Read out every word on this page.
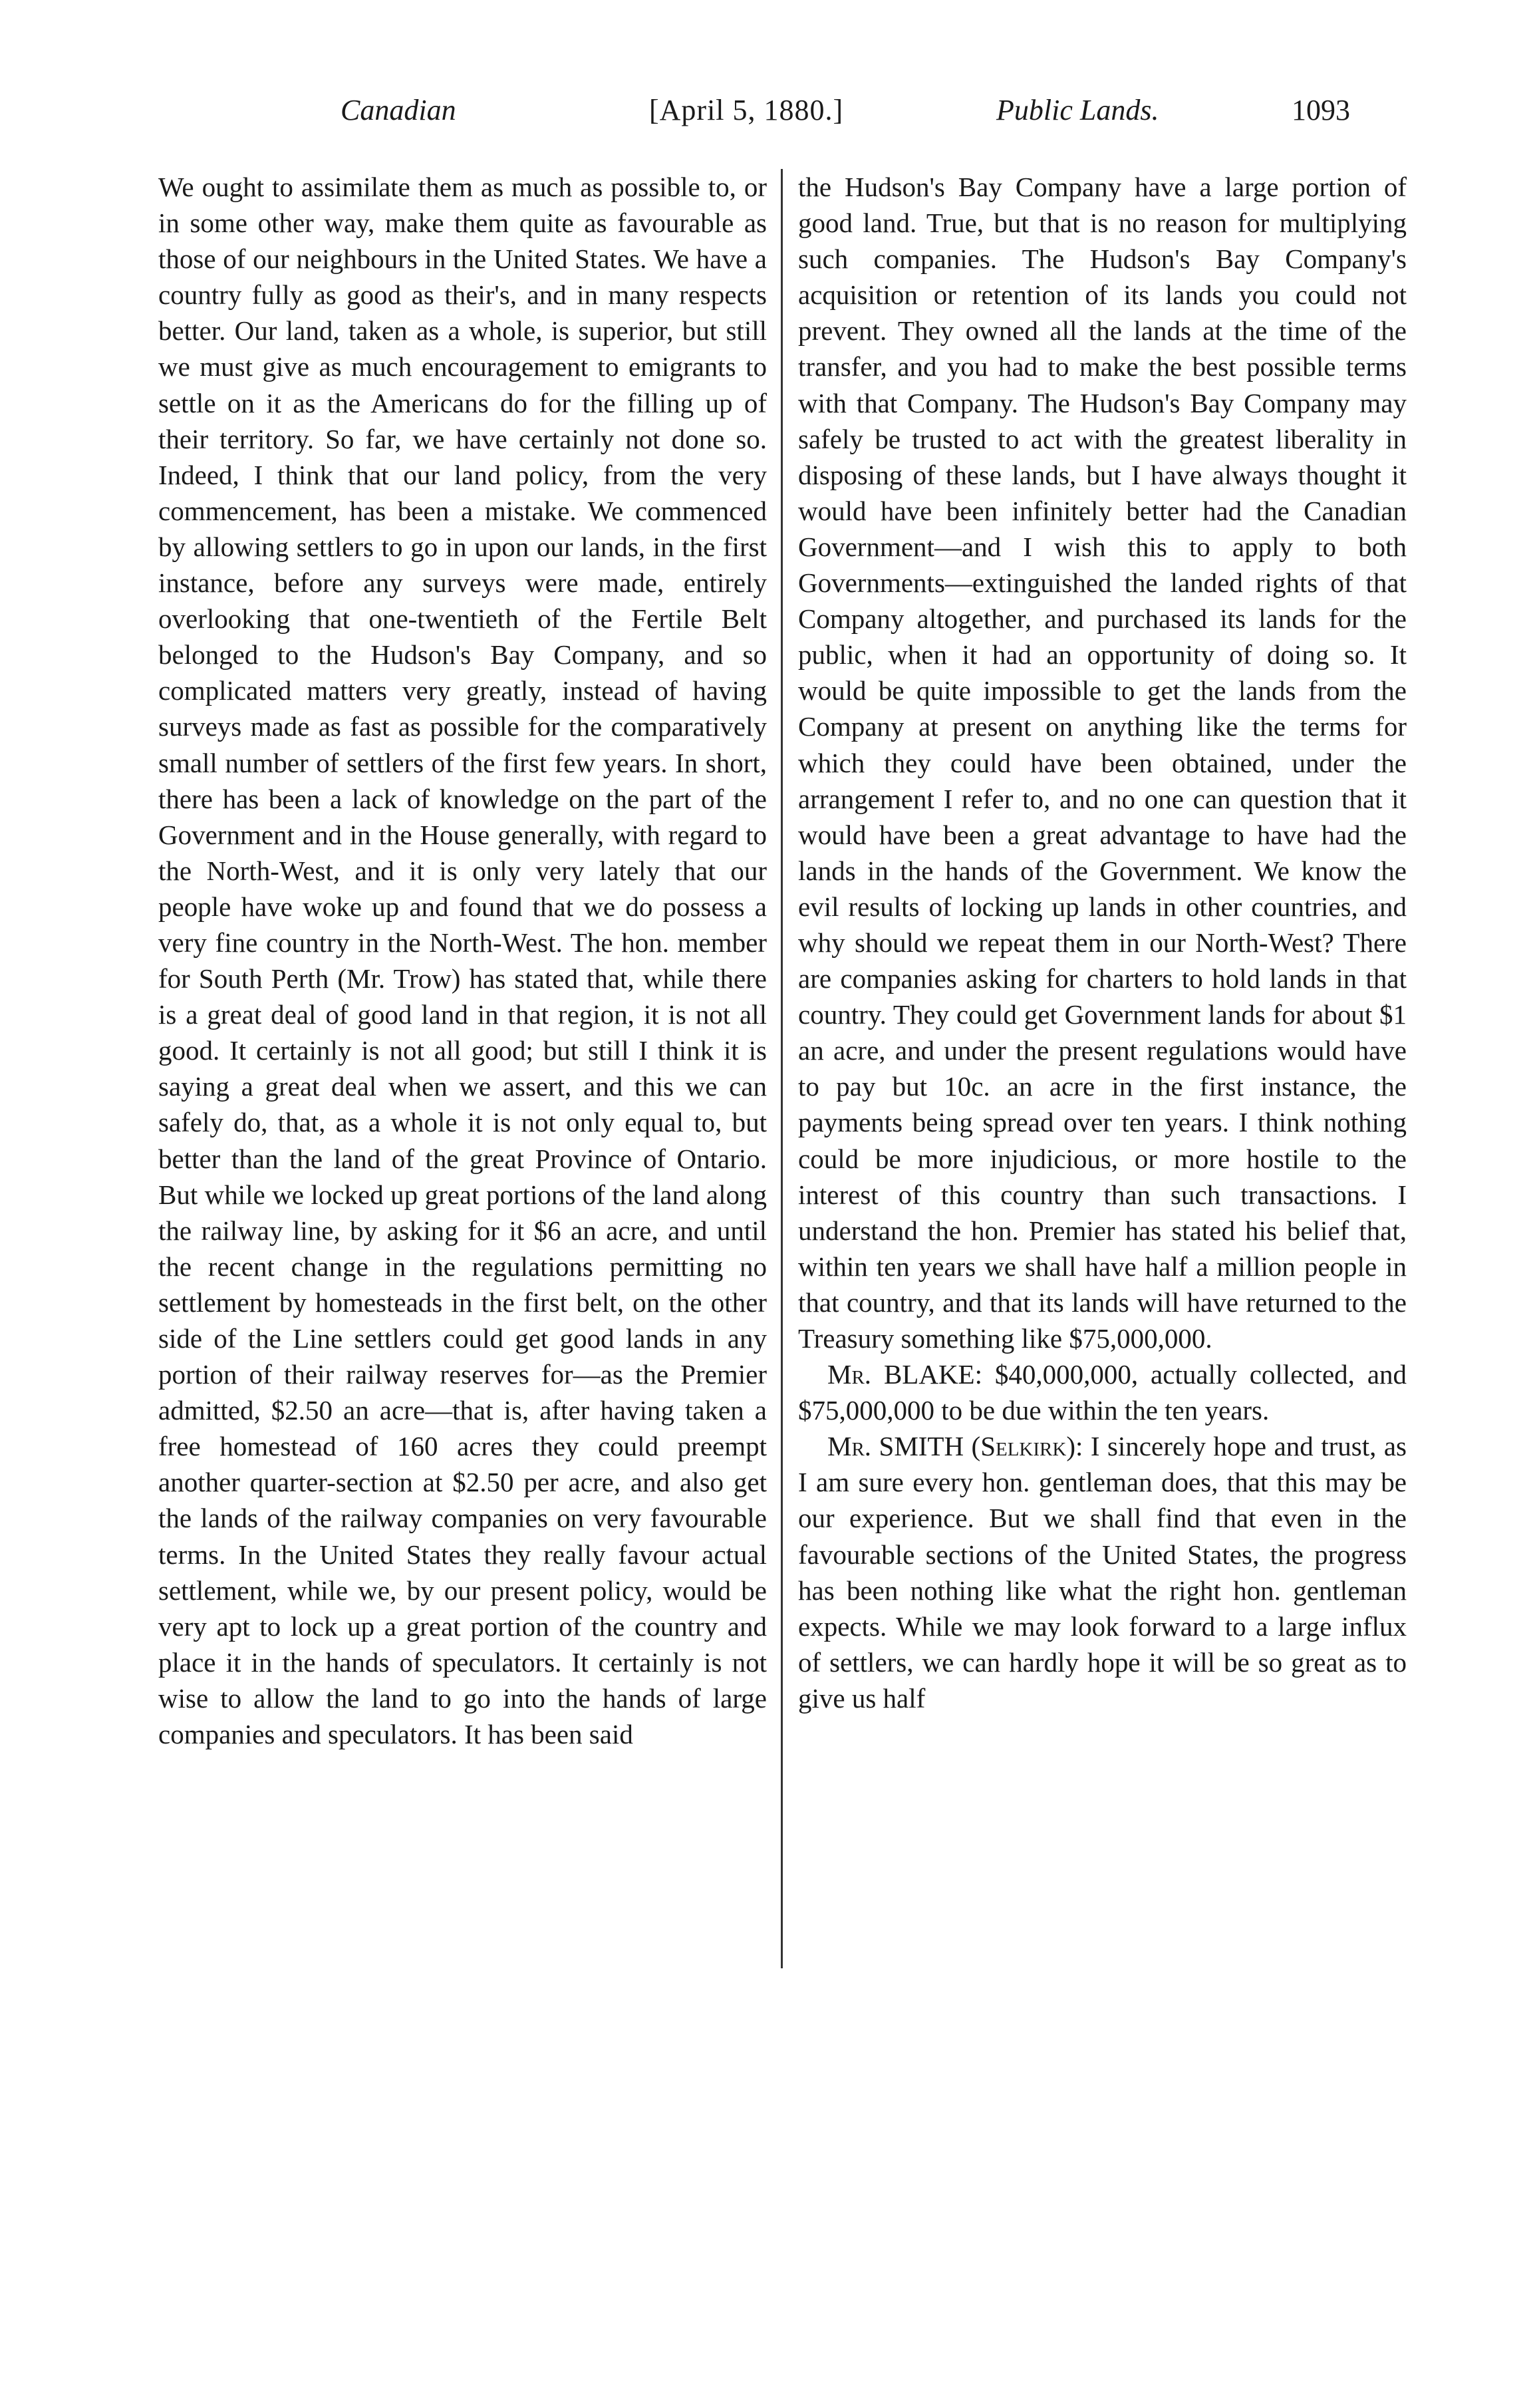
Canadian	[April 5, 1880.]	Public Lands.	1093

We ought to assimilate them as much as possible to, or in some other way, make them quite as favourable as those of our neighbours in the United States. We have a country fully as good as their's, and in many respects better. Our land, taken as a whole, is superior, but still we must give as much encouragement to emigrants to settle on it as the Americans do for the filling up of their territory. So far, we have certainly not done so. Indeed, I think that our land policy, from the very commencement, has been a mistake. We commenced by allowing settlers to go in upon our lands, in the first instance, before any surveys were made, entirely overlooking that one-twentieth of the Fertile Belt belonged to the Hudson's Bay Company, and so complicated matters very greatly, instead of having surveys made as fast as possible for the comparatively small number of settlers of the first few years. In short, there has been a lack of knowledge on the part of the Government and in the House generally, with regard to the North-West, and it is only very lately that our people have woke up and found that we do possess a very fine country in the North-West. The hon. member for South Perth (Mr. Trow) has stated that, while there is a great deal of good land in that region, it is not all good. It certainly is not all good; but still I think it is saying a great deal when we assert, and this we can safely do, that, as a whole it is not only equal to, but better than the land of the great Province of Ontario. But while we locked up great portions of the land along the railway line, by asking for it $6 an acre, and until the recent change in the regulations permitting no settlement by homesteads in the first belt, on the other side of the Line settlers could get good lands in any portion of their railway reserves for—as the Premier admitted, $2.50 an acre—that is, after having taken a free homestead of 160 acres they could preempt another quarter-section at $2.50 per acre, and also get the lands of the railway companies on very favourable terms. In the United States they really favour actual settlement, while we, by our present policy, would be very apt to lock up a great portion of the country and place it in the hands of speculators. It certainly is not wise to allow the land to go into the hands of large companies and speculators. It has been said

the Hudson's Bay Company have a large portion of good land. True, but that is no reason for multiplying such companies. The Hudson's Bay Company's acquisition or retention of its lands you could not prevent. They owned all the lands at the time of the transfer, and you had to make the best possible terms with that Company. The Hudson's Bay Company may safely be trusted to act with the greatest liberality in disposing of these lands, but I have always thought it would have been infinitely better had the Canadian Government—and I wish this to apply to both Governments—extinguished the landed rights of that Company altogether, and purchased its lands for the public, when it had an opportunity of doing so. It would be quite impossible to get the lands from the Company at present on anything like the terms for which they could have been obtained, under the arrangement I refer to, and no one can question that it would have been a great advantage to have had the lands in the hands of the Government. We know the evil results of locking up lands in other countries, and why should we repeat them in our North-West? There are companies asking for charters to hold lands in that country. They could get Government lands for about $1 an acre, and under the present regulations would have to pay but 10c. an acre in the first instance, the payments being spread over ten years. I think nothing could be more injudicious, or more hostile to the interest of this country than such transactions. I understand the hon. Premier has stated his belief that, within ten years we shall have half a million people in that country, and that its lands will have returned to the Treasury something like $75,000,000.

Mr. BLAKE: $40,000,000, actually collected, and $75,000,000 to be due within the ten years.

Mr. SMITH (Selkirk): I sincerely hope and trust, as I am sure every hon. gentleman does, that this may be our experience. But we shall find that even in the favourable sections of the United States, the progress has been nothing like what the right hon. gentleman expects. While we may look forward to a large influx of settlers, we can hardly hope it will be so great as to give us half
